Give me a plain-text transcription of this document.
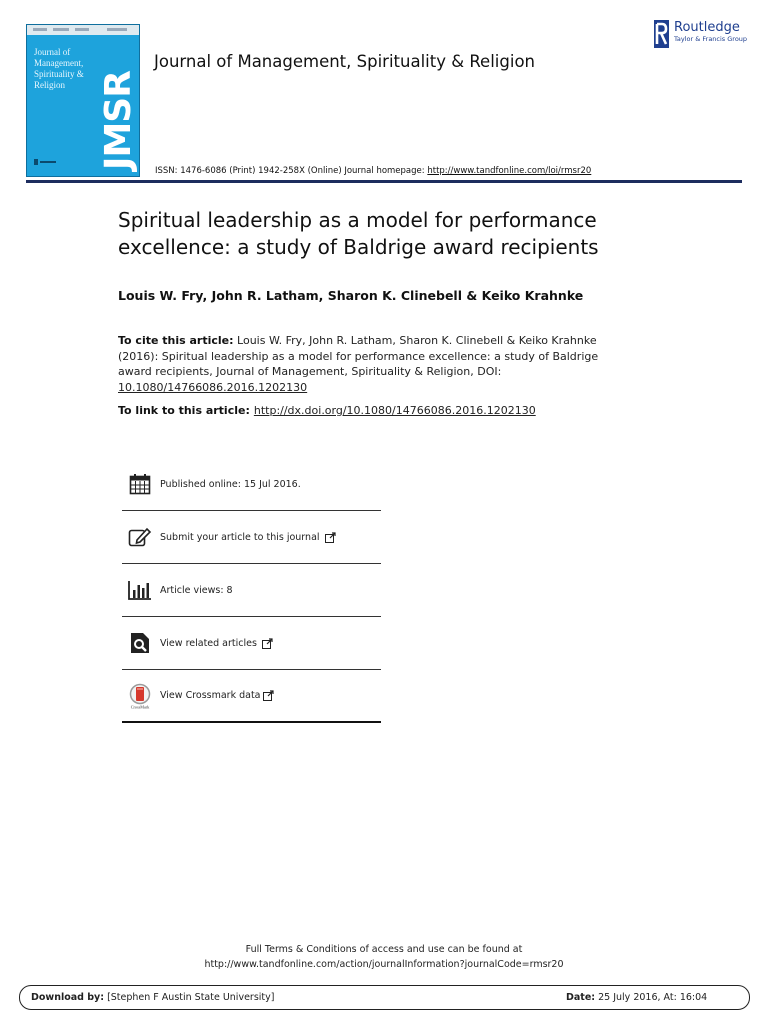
Journal of Management, Spirituality & Religion JMSR
Journal of Management, Spirituality & Religion
Routledge
Taylor & Francis Group
ISSN: 1476-6086 (Print) 1942-258X (Online) Journal homepage: http://www.tandfonline.com/loi/rmsr20
Spiritual leadership as a model for performance excellence: a study of Baldrige award recipients
Louis W. Fry, John R. Latham, Sharon K. Clinebell & Keiko Krahnke
To cite this article: Louis W. Fry, John R. Latham, Sharon K. Clinebell & Keiko Krahnke (2016): Spiritual leadership as a model for performance excellence: a study of Baldrige award recipients, Journal of Management, Spirituality & Religion, DOI: 10.1080/14766086.2016.1202130
To link to this article: http://dx.doi.org/10.1080/14766086.2016.1202130
Published online: 15 Jul 2016.
Submit your article to this journal
Article views: 8
View related articles
CrossMark
View Crossmark data
Full Terms & Conditions of access and use can be found at
http://www.tandfonline.com/action/journalInformation?journalCode=rmsr20
Download by: [Stephen F Austin State University]	Date: 25 July 2016, At: 16:04
